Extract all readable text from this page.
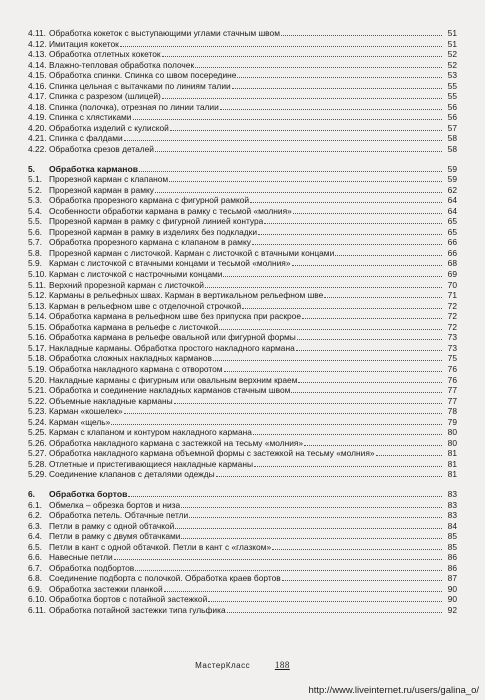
4.11. Обработка кокеток с выступающими углами стачным швом	51
4.12. Имитация кокеток	51
4.13. Обработка отлетных кокеток	52
4.14. Влажно-тепловая обработка полочек	52
4.15. Обработка спинки. Спинка со швом посередине	53
4.16. Спинка цельная с вытачками по линиям талии	55
4.17. Спинка с разрезом (шлицей)	55
4.18. Спинка (полочка), отрезная по линии талии	56
4.19. Спинка с хлястиками	56
4.20. Обработка изделий с кулиской	57
4.21. Спинка с фалдами	58
4.22. Обработка срезов деталей	58
5.	Обработка карманов	59
5.1. Прорезной карман с клапаном	59
5.2. Прорезной карман в рамку	62
5.3. Обработка прорезного кармана с фигурной рамкой	64
5.4. Особенности обработки кармана в рамку с тесьмой «молния»	64
5.5. Прорезной карман в рамку с фигурной линией контура	65
5.6. Прорезной карман в рамку в изделиях без подкладки	65
5.7. Обработка прорезного кармана с клапаном в рамку	66
5.8. Прорезной карман с листочкой. Карман с листочкой с втачными концами	66
5.9. Карман с листочкой с втачными концами и тесьмой «молния»	68
5.10. Карман с листочкой с настрочными концами	69
5.11. Верхний прорезной карман с листочкой	70
5.12. Карманы в рельефных швах. Карман в вертикальном рельефном шве	71
5.13. Карман в рельефном шве с отделочной строчкой	72
5.14. Обработка кармана в рельефном шве без припуска при раскрое	72
5.15. Обработка кармана в рельефе с листочкой	72
5.16. Обработка кармана в рельефе овальной или фигурной формы	73
5.17. Накладные карманы. Обработка простого накладного кармана	73
5.18. Обработка сложных накладных карманов	75
5.19. Обработка накладного кармана с отворотом	76
5.20. Накладные карманы с фигурным или овальным верхним краем	76
5.21. Обработка и соединение накладных карманов стачным швом	77
5.22. Объемные накладные карманы	77
5.23. Карман «кошелек»	78
5.24. Карман «щель»	79
5.25. Карман с клапаном и контуром накладного кармана	80
5.26. Обработка накладного кармана с застежкой на тесьму «молния»	80
5.27. Обработка накладного кармана объемной формы с застежкой на тесьму «молния»	81
5.28. Отлетные и пристегивающиеся накладные карманы	81
5.29. Соединение клапанов с деталями одежды	81
6.	Обработка бортов	83
6.1. Обмелка – обрезка бортов и низа	83
6.2. Обработка петель. Обтачные петли	83
6.3. Петли в рамку с одной обтачкой	84
6.4. Петли в рамку с двумя обтачками	85
6.5. Петли в кант с одной обтачкой. Петли в кант с «глазком»	85
6.6. Навесные петли	86
6.7. Обработка подбортов	86
6.8. Соединение подборта с полочкой. Обработка краев бортов	87
6.9. Обработка застежки планкой	90
6.10. Обработка бортов с потайной застежкой	90
6.11. Обработка потайной застежки типа гульфика	92
МастерКласс	188
http://www.liveinternet.ru/users/galina_o/
